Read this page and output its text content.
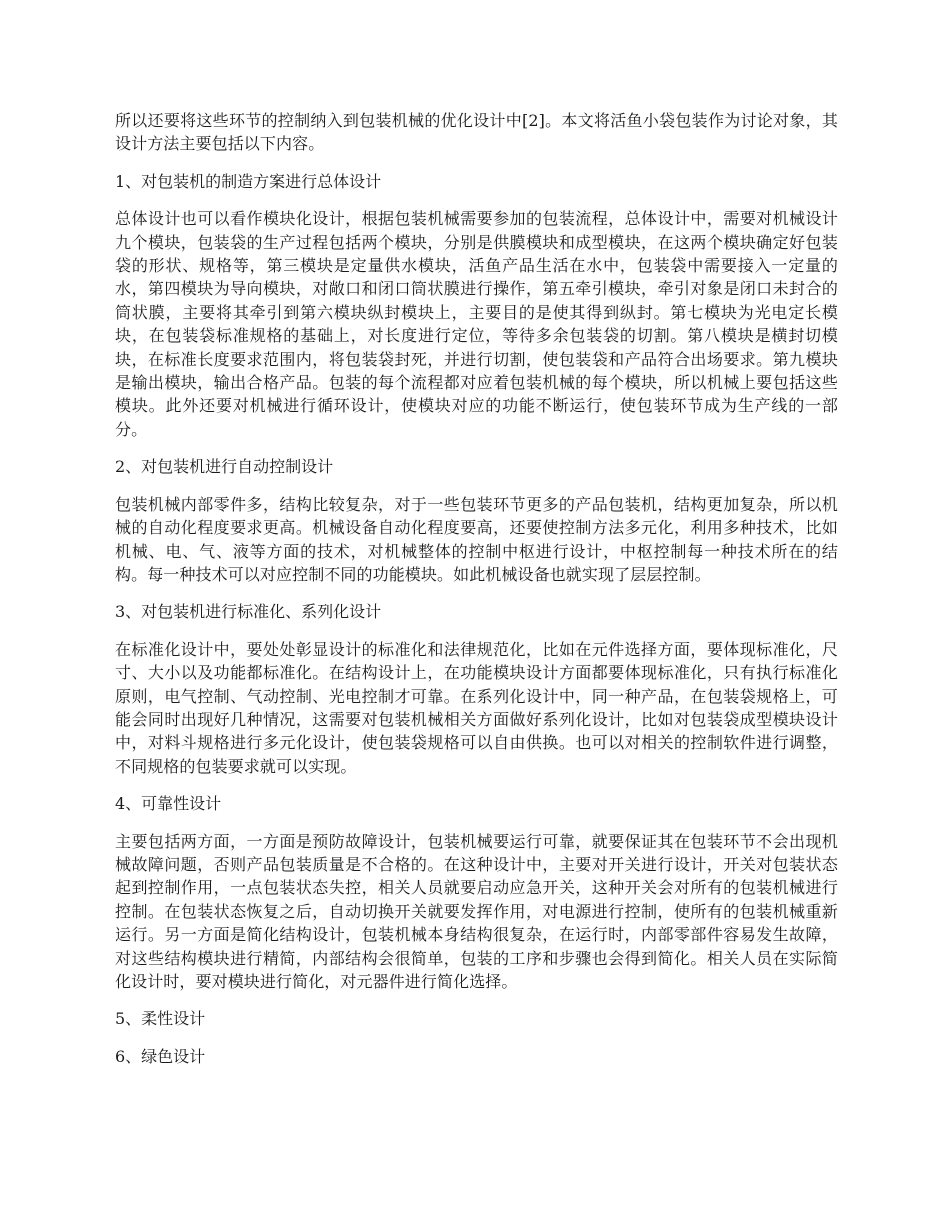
所以还要将这些环节的控制纳入到包装机械的优化设计中[2]。本文将活鱼小袋包装作为讨论对象，其设计方法主要包括以下内容。

1、对包装机的制造方案进行总体设计

总体设计也可以看作模块化设计，根据包装机械需要参加的包装流程，总体设计中，需要对机械设计九个模块，包装袋的生产过程包括两个模块，分别是供膜模块和成型模块，在这两个模块确定好包装袋的形状、规格等，第三模块是定量供水模块，活鱼产品生活在水中，包装袋中需要接入一定量的水，第四模块为导向模块，对敞口和闭口筒状膜进行操作，第五牵引模块，牵引对象是闭口未封合的筒状膜，主要将其牵引到第六模块纵封模块上，主要目的是使其得到纵封。第七模块为光电定长模块，在包装袋标准规格的基础上，对长度进行定位，等待多余包装袋的切割。第八模块是横封切模块，在标准长度要求范围内，将包装袋封死，并进行切割，使包装袋和产品符合出场要求。第九模块是输出模块，输出合格产品。包装的每个流程都对应着包装机械的每个模块，所以机械上要包括这些模块。此外还要对机械进行循环设计，使模块对应的功能不断运行，使包装环节成为生产线的一部分。

2、对包装机进行自动控制设计

包装机械内部零件多，结构比较复杂，对于一些包装环节更多的产品包装机，结构更加复杂，所以机械的自动化程度要求更高。机械设备自动化程度要高，还要使控制方法多元化，利用多种技术，比如机械、电、气、液等方面的技术，对机械整体的控制中枢进行设计，中枢控制每一种技术所在的结构。每一种技术可以对应控制不同的功能模块。如此机械设备也就实现了层层控制。

3、对包装机进行标准化、系列化设计

在标准化设计中，要处处彰显设计的标准化和法律规范化，比如在元件选择方面，要体现标准化，尺寸、大小以及功能都标准化。在结构设计上，在功能模块设计方面都要体现标准化，只有执行标准化原则，电气控制、气动控制、光电控制才可靠。在系列化设计中，同一种产品，在包装袋规格上，可能会同时出现好几种情况，这需要对包装机械相关方面做好系列化设计，比如对包装袋成型模块设计中，对料斗规格进行多元化设计，使包装袋规格可以自由供换。也可以对相关的控制软件进行调整，不同规格的包装要求就可以实现。

4、可靠性设计

主要包括两方面，一方面是预防故障设计，包装机械要运行可靠，就要保证其在包装环节不会出现机械故障问题，否则产品包装质量是不合格的。在这种设计中，主要对开关进行设计，开关对包装状态起到控制作用，一点包装状态失控，相关人员就要启动应急开关，这种开关会对所有的包装机械进行控制。在包装状态恢复之后，自动切换开关就要发挥作用，对电源进行控制，使所有的包装机械重新运行。另一方面是简化结构设计，包装机械本身结构很复杂，在运行时，内部零部件容易发生故障，对这些结构模块进行精简，内部结构会很简单，包装的工序和步骤也会得到简化。相关人员在实际简化设计时，要对模块进行简化，对元器件进行简化选择。

5、柔性设计

6、绿色设计
